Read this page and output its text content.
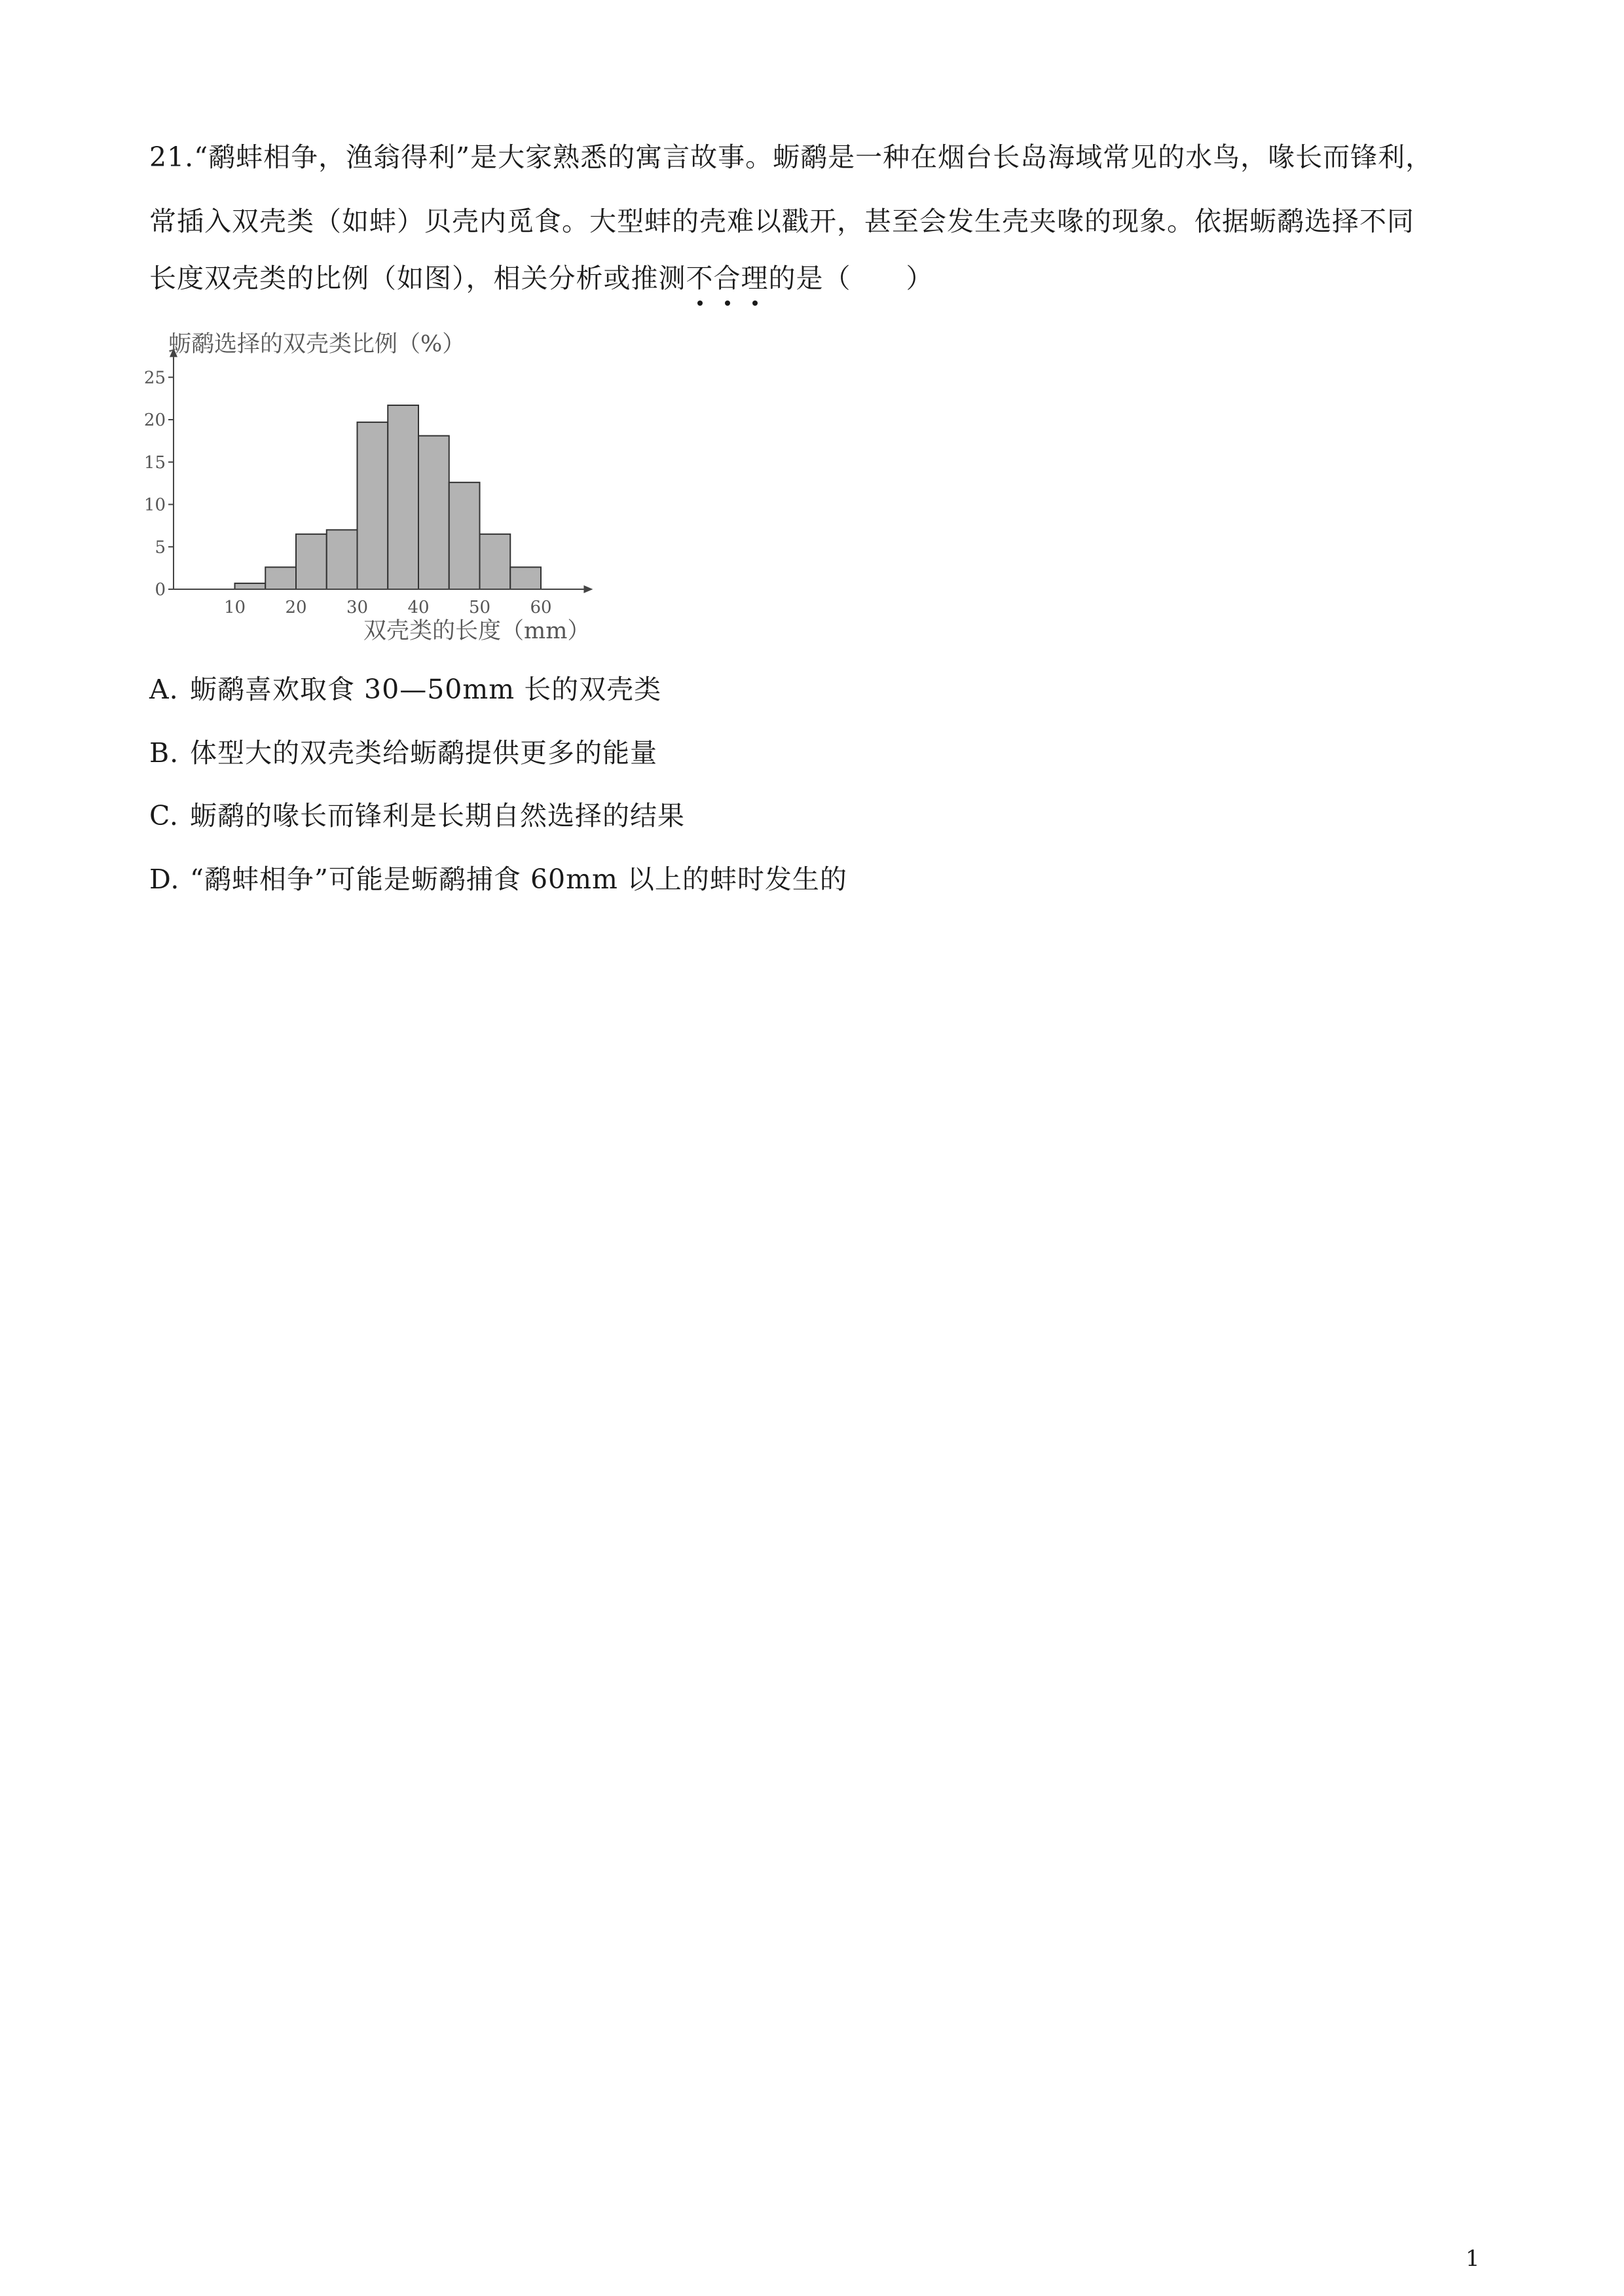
21.“鹬蚌相争，渔翁得利”是大家熟悉的寓言故事。蛎鹬是一种在烟台长岛海域常见的水鸟，喙长而锋利，
常插入双壳类（如蚌）贝壳内觅食。大型蚌的壳难以戳开，甚至会发生壳夹喙的现象。依据蛎鹬选择不同
长度双壳类的比例（如图），相关分析或推测不合理的是（　　）
0
5
10
15
20
25
10 20 30 40 50 60
蛎鹬选择的双壳类比例（%）
双壳类的长度（mm）
A. 蛎鹬喜欢取食 30—50mm 长的双壳类
B. 体型大的双壳类给蛎鹬提供更多的能量
C. 蛎鹬的喙长而锋利是长期自然选择的结果
D. “鹬蚌相争”可能是蛎鹬捕食 60mm 以上的蚌时发生的
1
